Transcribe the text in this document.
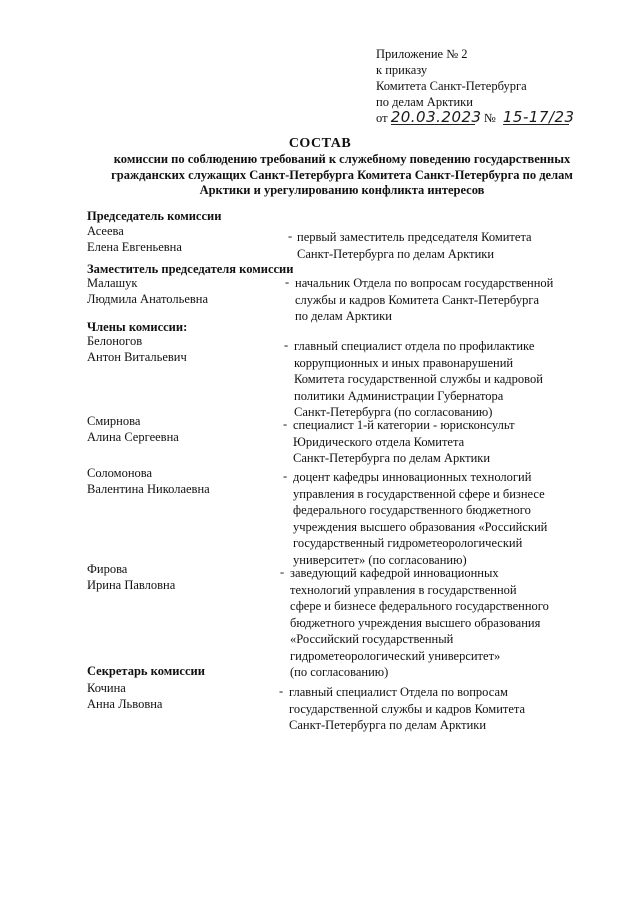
Приложение № 2
к приказу
Комитета Санкт-Петербурга
по делам Арктики
от 20.03.2023 № 15-17/23
СОСТАВ
комиссии по соблюдению требований к служебному поведению государственных гражданских служащих Санкт-Петербурга Комитета Санкт-Петербурга по делам Арктики и урегулированию конфликта интересов
Председатель комиссии
Асеева
Елена Евгеньевна
- первый заместитель председателя Комитета
Санкт-Петербурга по делам Арктики
Заместитель председателя комиссии
Малашук
Людмила Анатольевна
- начальник Отдела по вопросам государственной
службы и кадров Комитета Санкт-Петербурга
по делам Арктики
Члены комиссии:
Белоногов
Антон Витальевич
- главный специалист отдела по профилактике
коррупционных и иных правонарушений
Комитета государственной службы и кадровой
политики Администрации Губернатора
Санкт-Петербурга (по согласованию)
Смирнова
Алина Сергеевна
- специалист 1-й категории - юрисконсульт
Юридического отдела Комитета
Санкт-Петербурга по делам Арктики
Соломонова
Валентина Николаевна
- доцент кафедры инновационных технологий
управления в государственной сфере и бизнесе
федерального государственного бюджетного
учреждения высшего образования «Российский
государственный гидрометеорологический
университет» (по согласованию)
Фирова
Ирина Павловна
- заведующий кафедрой инновационных
технологий управления в государственной
сфере и бизнесе федерального государственного
бюджетного учреждения высшего образования
«Российский государственный
гидрометеорологический университет»
(по согласованию)
Секретарь комиссии
Кочина
Анна Львовна
- главный специалист Отдела по вопросам
государственной службы и кадров Комитета
Санкт-Петербурга по делам Арктики
